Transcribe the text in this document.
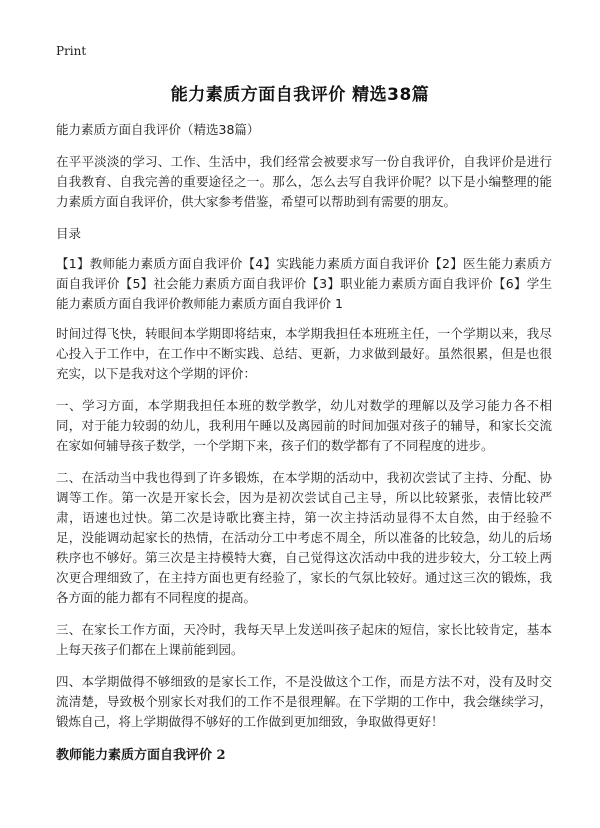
Print
能力素质方面自我评价 精选38篇

能力素质方面自我评价（精选38篇）

在平平淡淡的学习、工作、生活中，我们经常会被要求写一份自我评价，自我评价是进行自我教育、自我完善的重要途径之一。那么，怎么去写自我评价呢？以下是小编整理的能力素质方面自我评价，供大家参考借鉴，希望可以帮助到有需要的朋友。

目录

【1】教师能力素质方面自我评价【4】实践能力素质方面自我评价【2】医生能力素质方面自我评价【5】社会能力素质方面自我评价【3】职业能力素质方面自我评价【6】学生能力素质方面自我评价教师能力素质方面自我评价 1

时间过得飞快，转眼间本学期即将结束，本学期我担任本班班主任，一个学期以来，我尽心投入于工作中，在工作中不断实践、总结、更新，力求做到最好。虽然很累，但是也很充实，以下是我对这个学期的评价：

一、学习方面，本学期我担任本班的数学教学，幼儿对数学的理解以及学习能力各不相同，对于能力较弱的幼儿，我利用午睡以及离园前的时间加强对孩子的辅导，和家长交流在家如何辅导孩子数学，一个学期下来，孩子们的数学都有了不同程度的进步。

二、在活动当中我也得到了许多锻炼，在本学期的活动中，我初次尝试了主持、分配、协调等工作。第一次是开家长会，因为是初次尝试自己主导，所以比较紧张，表情比较严肃，语速也过快。第二次是诗歌比赛主持，第一次主持活动显得不太自然，由于经验不足，没能调动起家长的热情，在活动分工中考虑不周全，所以准备的比较急，幼儿的后场秩序也不够好。第三次是主持模特大赛，自己觉得这次活动中我的进步较大，分工较上两次更合理细致了，在主持方面也更有经验了，家长的气氛比较好。通过这三次的锻炼，我各方面的能力都有不同程度的提高。

三、在家长工作方面，天冷时，我每天早上发送叫孩子起床的短信，家长比较肯定，基本上每天孩子们都在上课前能到园。

四、本学期做得不够细致的是家长工作，不是没做这个工作，而是方法不对，没有及时交流清楚，导致极个别家长对我们的工作不是很理解。在下学期的工作中，我会继续学习，锻炼自己，将上学期做得不够好的工作做到更加细致，争取做得更好！

教师能力素质方面自我评价 2
